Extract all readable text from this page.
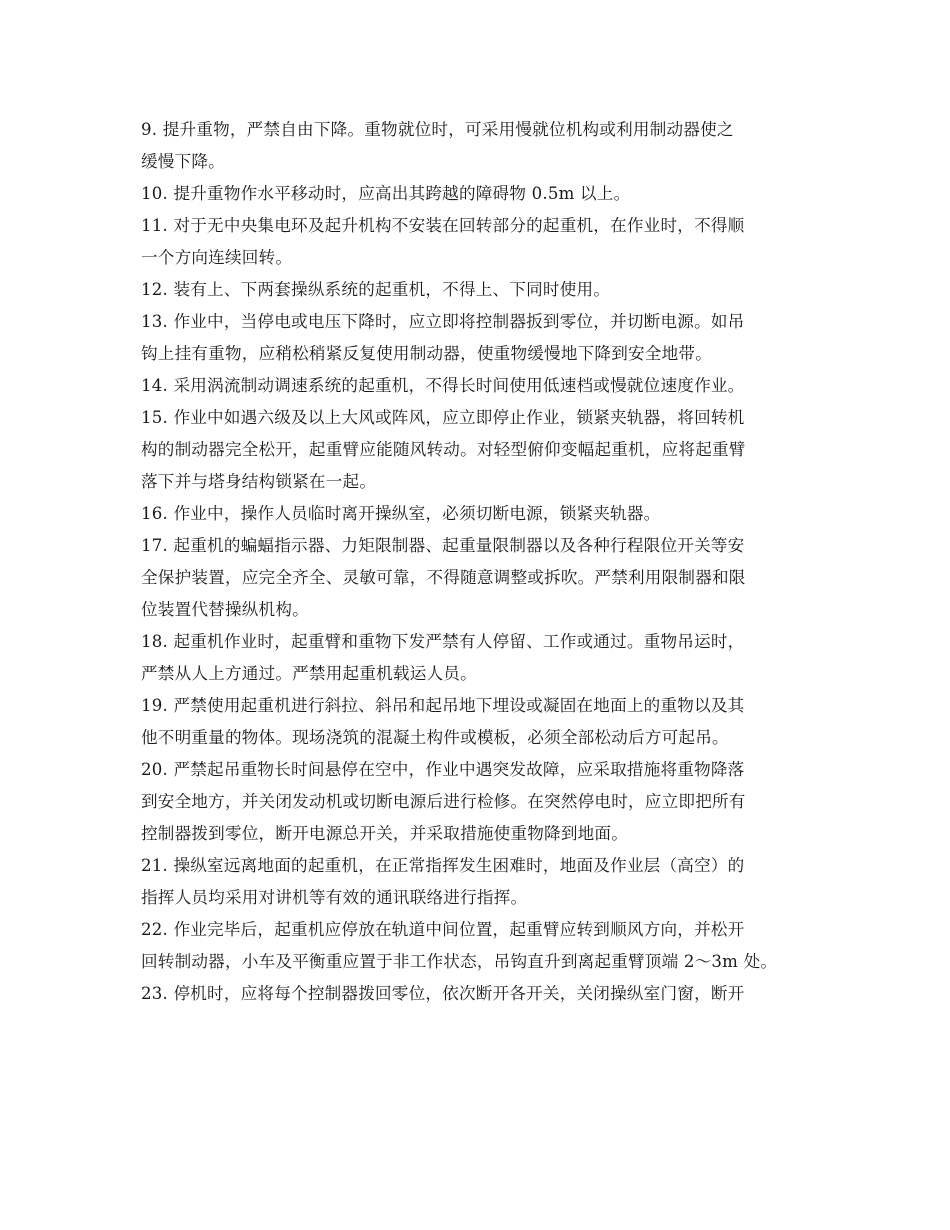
9. 提升重物，严禁自由下降。重物就位时，可采用慢就位机构或利用制动器使之
缓慢下降。
10. 提升重物作水平移动时，应高出其跨越的障碍物 0.5m 以上。
11. 对于无中央集电环及起升机构不安装在回转部分的起重机，在作业时，不得顺
一个方向连续回转。
12. 装有上、下两套操纵系统的起重机，不得上、下同时使用。
13. 作业中，当停电或电压下降时，应立即将控制器扳到零位，并切断电源。如吊
钩上挂有重物，应稍松稍紧反复使用制动器，使重物缓慢地下降到安全地带。
14. 采用涡流制动调速系统的起重机，不得长时间使用低速档或慢就位速度作业。
15. 作业中如遇六级及以上大风或阵风，应立即停止作业，锁紧夹轨器，将回转机
构的制动器完全松开，起重臂应能随风转动。对轻型俯仰变幅起重机，应将起重臂
落下并与塔身结构锁紧在一起。
16. 作业中，操作人员临时离开操纵室，必须切断电源，锁紧夹轨器。
17. 起重机的蝙蝠指示器、力矩限制器、起重量限制器以及各种行程限位开关等安
全保护装置，应完全齐全、灵敏可靠，不得随意调整或拆吹。严禁利用限制器和限
位装置代替操纵机构。
18. 起重机作业时，起重臂和重物下发严禁有人停留、工作或通过。重物吊运时，
严禁从人上方通过。严禁用起重机载运人员。
19. 严禁使用起重机进行斜拉、斜吊和起吊地下埋设或凝固在地面上的重物以及其
他不明重量的物体。现场浇筑的混凝土构件或模板，必须全部松动后方可起吊。
20. 严禁起吊重物长时间悬停在空中，作业中遇突发故障，应采取措施将重物降落
到安全地方，并关闭发动机或切断电源后进行检修。在突然停电时，应立即把所有
控制器拨到零位，断开电源总开关，并采取措施使重物降到地面。
21. 操纵室远离地面的起重机，在正常指挥发生困难时，地面及作业层（高空）的
指挥人员均采用对讲机等有效的通讯联络进行指挥。
22. 作业完毕后，起重机应停放在轨道中间位置，起重臂应转到顺风方向，并松开
回转制动器，小车及平衡重应置于非工作状态，吊钩直升到离起重臂顶端 2～3m 处。
23. 停机时，应将每个控制器拨回零位，依次断开各开关，关闭操纵室门窗，断开
